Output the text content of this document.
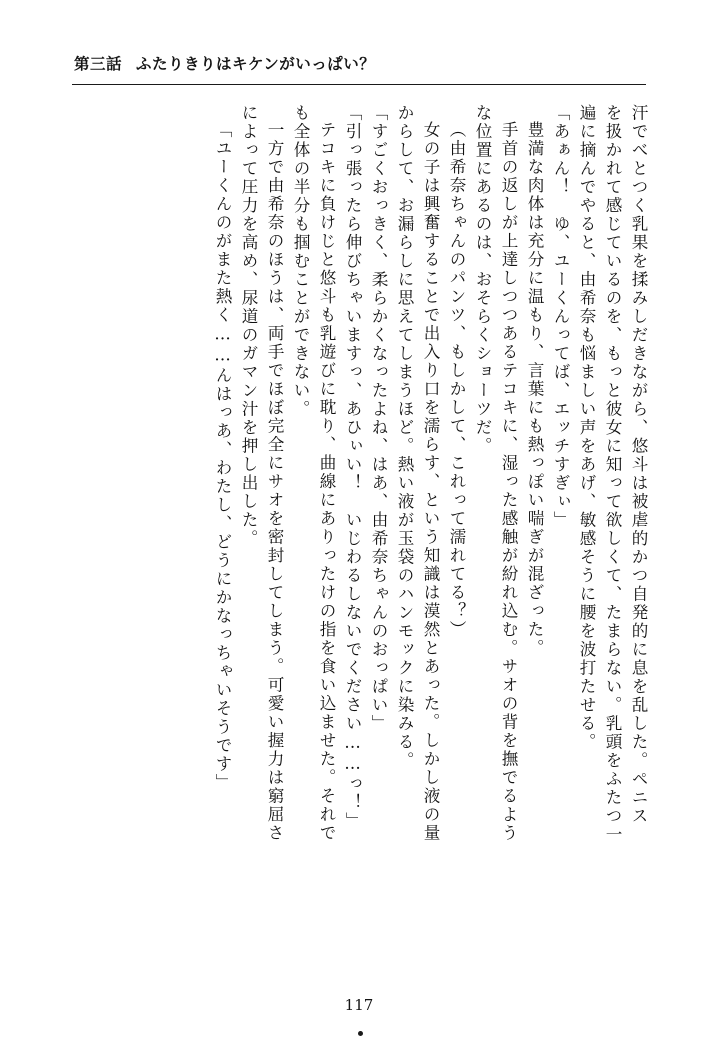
第三話 ふたりきりはキケンがいっぱい？
汗でべとつく乳果を揉みしだきながら、悠斗は被虐的かつ自発的に息を乱した。ペニス
を扱かれて感じているのを、もっと彼女に知って欲しくて、たまらない。乳頭をふたつ一
遍に摘んでやると、由希奈も悩ましい声をあげ、敏感そうに腰を波打たせる。
「あぁん！　ゆ、ユーくんってば、エッチすぎぃ」
豊満な肉体は充分に温もり、言葉にも熱っぽい喘ぎが混ざった。
手首の返しが上達しつつあるテコキに、湿った感触が紛れ込む。サオの背を撫でるよう
な位置にあるのは、おそらくショーツだ。
（由希奈ちゃんのパンツ、もしかして、これって濡れてる？）
女の子は興奮することで出入り口を濡らす、という知識は漠然とあった。しかし液の量
からして、お漏らしに思えてしまうほど。熱い液が玉袋のハンモックに染みる。
「すごくおっきく、柔らかくなったよね、はあ、由希奈ちゃんのおっぱい」
「引っ張ったら伸びちゃいますっ、あひぃい！　いじわるしないでください……っ！」
テコキに負けじと悠斗も乳遊びに耽り、曲線にありったけの指を食い込ませた。それで
も全体の半分も掴むことができない。
一方で由希奈のほうは、両手でほぼ完全にサオを密封してしまう。可愛い握力は窮屈さ
によって圧力を高め、尿道のガマン汁を押し出した。
「ユーくんのがまた熱く……んはっあ、わたし、どうにかなっちゃいそうです」
117
